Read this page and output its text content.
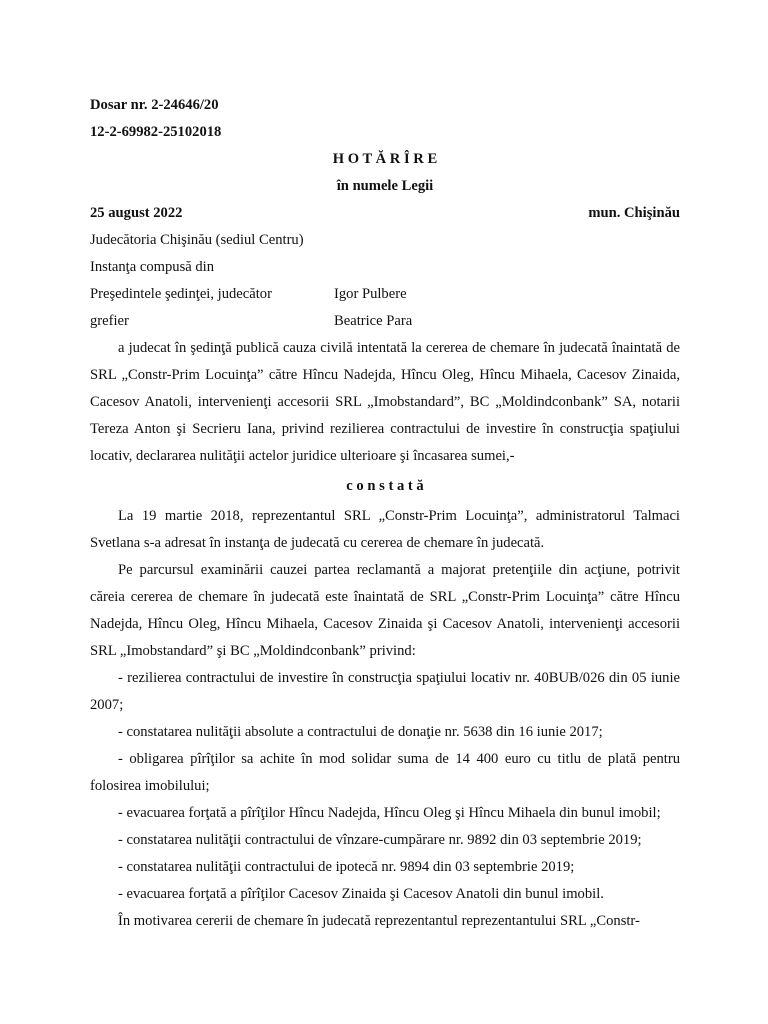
Dosar nr. 2-24646/20
12-2-69982-25102018
H O T Ă R Î R E
în numele Legii
25 august 2022	mun. Chişinău
Judecătoria Chişinău (sediul Centru)
Instanţa compusă din
Preşedintele şedinţei, judecător	Igor Pulbere
grefier	Beatrice Para

a judecat în şedinţă publică cauza civilă intentată la cererea de chemare în judecată înaintată de SRL „Constr-Prim Locuinţa” către Hîncu Nadejda, Hîncu Oleg, Hîncu Mihaela, Cacesov Zinaida, Cacesov Anatoli, intervenienţi accesorii SRL „Imobstandard”, BC „Moldindconbank” SA, notarii Tereza Anton şi Secrieru Iana, privind rezilierea contractului de investire în construcţia spaţiului locativ, declararea nulităţii actelor juridice ulterioare şi încasarea sumei,-

c o n s t a t ă

La 19 martie 2018, reprezentantul SRL „Constr-Prim Locuinţa”, administratorul Talmaci Svetlana s-a adresat în instanţa de judecată cu cererea de chemare în judecată.

Pe parcursul examinării cauzei partea reclamantă a majorat pretenţiile din acţiune, potrivit căreia cererea de chemare în judecată este înaintată de SRL „Constr-Prim Locuinţa” către Hîncu Nadejda, Hîncu Oleg, Hîncu Mihaela, Cacesov Zinaida şi Cacesov Anatoli, intervenienţi accesorii SRL „Imobstandard” şi BC „Moldindconbank” privind:

- rezilierea contractului de investire în construcţia spaţiului locativ nr. 40BUB/026 din 05 iunie 2007;

- constatarea nulităţii absolute a contractului de donaţie nr. 5638 din 16 iunie 2017;

- obligarea pîrîţilor sa achite în mod solidar suma de 14 400 euro cu titlu de plată pentru folosirea imobilului;

- evacuarea forţată a pîrîţilor Hîncu Nadejda, Hîncu Oleg şi Hîncu Mihaela din bunul imobil;

- constatarea nulităţii contractului de vînzare-cumpărare nr. 9892 din 03 septembrie 2019;

- constatarea nulităţii contractului de ipotecă nr. 9894 din 03 septembrie 2019;

- evacuarea forţată a pîrîţilor Cacesov Zinaida şi Cacesov Anatoli din bunul imobil.

În motivarea cererii de chemare în judecată reprezentantul reprezentantului SRL „Constr-
